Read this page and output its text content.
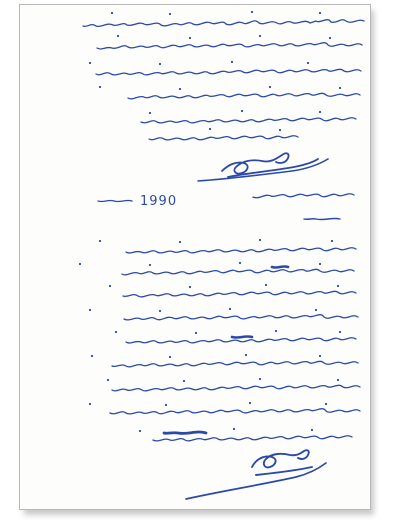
1990
